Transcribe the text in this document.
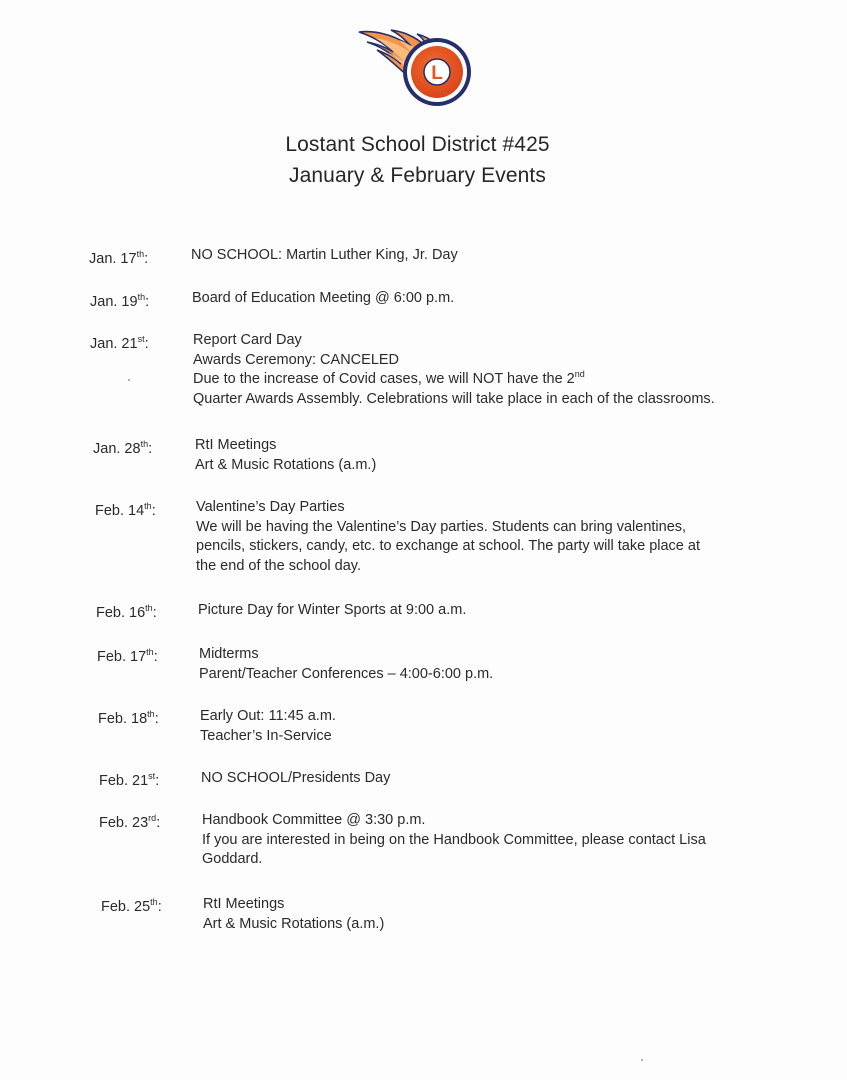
L
Lostant School District #425
January & February Events
Jan. 17th:	NO SCHOOL: Martin Luther King, Jr. Day
Jan. 19th:	Board of Education Meeting @ 6:00 p.m.
Jan. 21st:	Report Card Day
Awards Ceremony: CANCELED
Due to the increase of Covid cases, we will NOT have the 2nd
Quarter Awards Assembly. Celebrations will take place in each of the classrooms.
Jan. 28th:	RtI Meetings
Art & Music Rotations (a.m.)
Feb. 14th:	Valentine’s Day Parties
We will be having the Valentine’s Day parties. Students can bring valentines,
pencils, stickers, candy, etc. to exchange at school. The party will take place at
the end of the school day.
Feb. 16th:	Picture Day for Winter Sports at 9:00 a.m.
Feb. 17th:	Midterms
Parent/Teacher Conferences – 4:00-6:00 p.m.
Feb. 18th:	Early Out: 11:45 a.m.
Teacher’s In-Service
Feb. 21st:	NO SCHOOL/Presidents Day
Feb. 23rd:	Handbook Committee @ 3:30 p.m.
If you are interested in being on the Handbook Committee, please contact Lisa
Goddard.
Feb. 25th:	RtI Meetings
Art & Music Rotations (a.m.)
